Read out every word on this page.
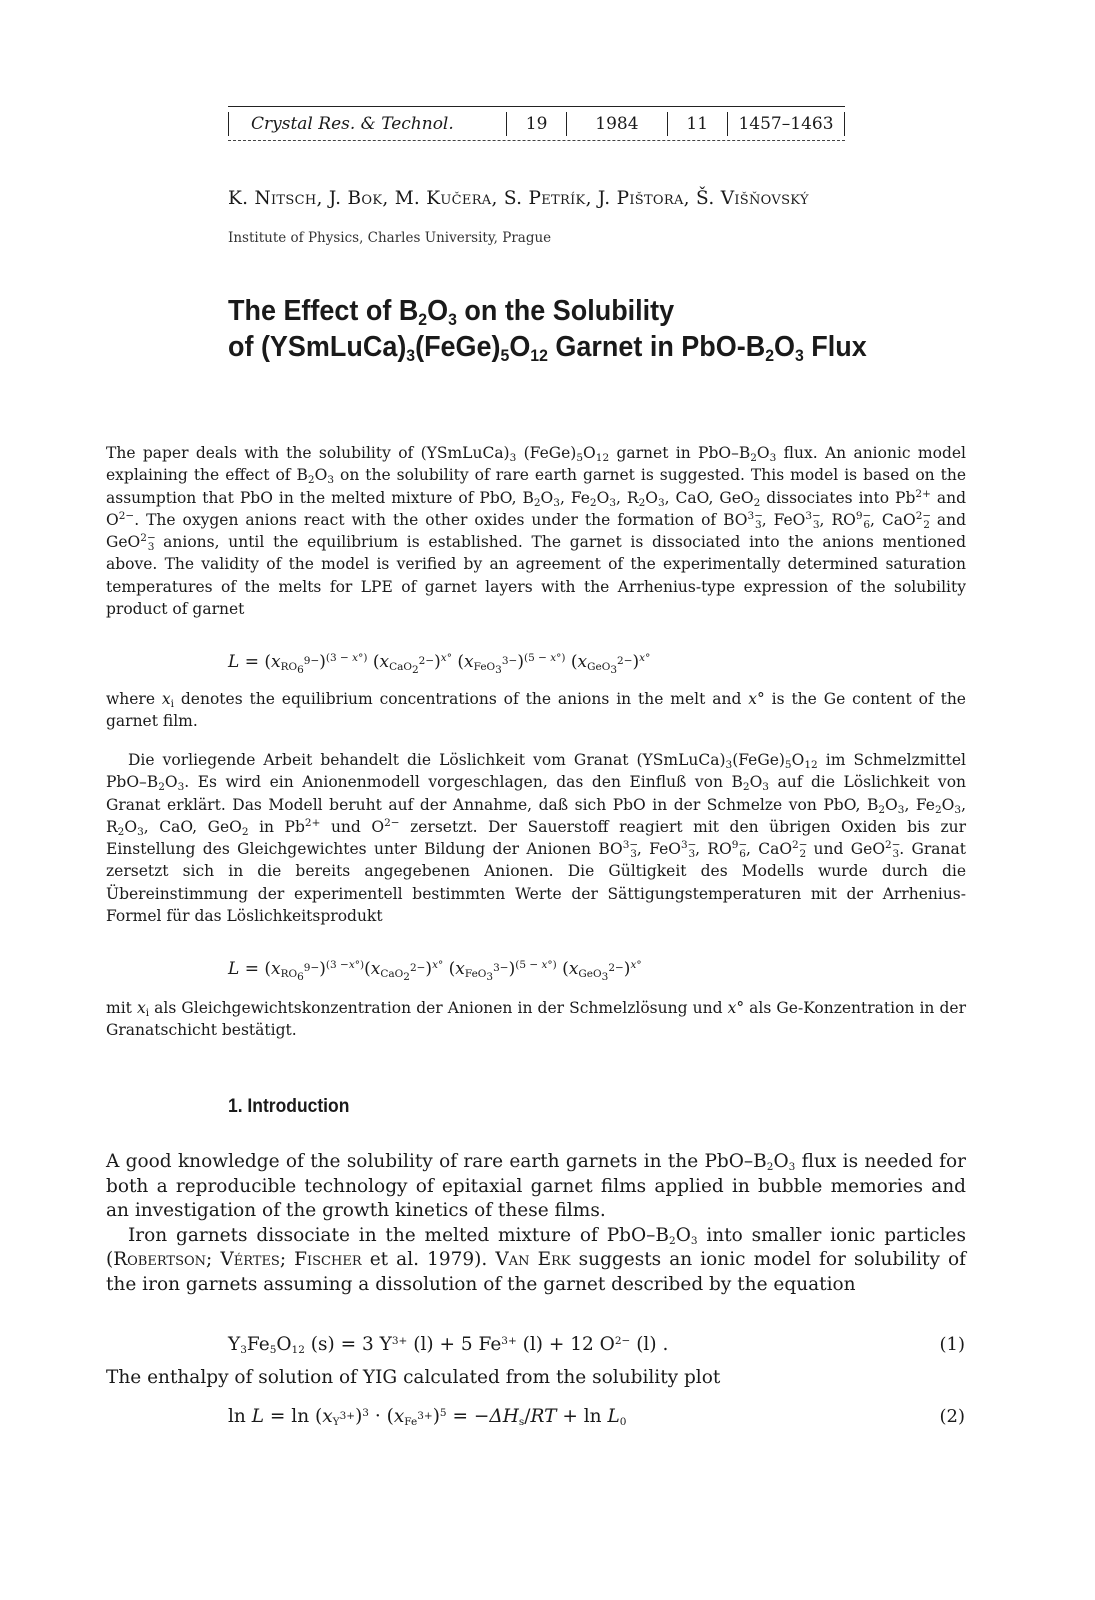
Crystal Res. & Technol.	19	1984	11	1457–1463
K. Nitsch, J. Bok, M. Kučera, S. Petrík, J. Pištora, Š. Višňovský
Institute of Physics, Charles University, Prague
The Effect of $B_2O_3$ on the Solubility
of $(YSmLuCa)_3(FeGe)_5O_{12}$ Garnet in PbO-$B_2O_3$ Flux

The paper deals with the solubility of $(YSmLuCa)_3$ $(FeGe)_5O_{12}$ garnet in PbO–$B_2O_3$ flux. An anionic model explaining the effect of $B_2O_3$ on the solubility of rare earth garnet is suggested. This model is based on the assumption that PbO in the melted mixture of PbO, $B_2O_3$, $Fe_2O_3$, $R_2O_3$, CaO, GeO$_2$ dissociates into $Pb^{2+}$ and $O^{2-}$. The oxygen anions react with the other oxides under the formation of $BO^{3-}_3$, FeO$^{3-}_3$, $RO^{9-}_6$, CaO$^{2-}_2$ and GeO$^{2-}_3$ anions, until the equilibrium is established. The garnet is dissociated into the anions mentioned above. The validity of the model is verified by an agreement of the experimentally determined saturation temperatures of the melts for LPE of garnet layers with the Arrhenius-type expression of the solubility product of garnet

$L = (x_{RO_6^{9-}})^{(3 - x^\circ)}$ $(x_{CaO_2^{2-}})^{x^\circ}$ $(x_{FeO_3^{3-}})^{(5 - x^\circ)}$ $(x_{GeO_3^{2-}})^{x^\circ}$

where $x_i$ denotes the equilibrium concentrations of the anions in the melt and x° is the Ge content of the garnet film.

Die vorliegende Arbeit behandelt die Löslichkeit vom Granat $(YSmLuCa)_3(FeGe)_5O_{12}$ im Schmelzmittel PbO–$B_2O_3$. Es wird ein Anionenmodell vorgeschlagen, das den Einfluß von $B_2O_3$ auf die Löslichkeit von Granat erklärt. Das Modell beruht auf der Annahme, daß sich PbO in der Schmelze von PbO, $B_2O_3$, $Fe_2O_3$, $R_2O_3$, CaO, GeO$_2$ in $Pb^{2+}$ und $O^{2-}$ zersetzt. Der Sauerstoff reagiert mit den übrigen Oxiden bis zur Einstellung des Gleichgewichtes unter Bildung der Anionen $BO^{3-}_3$, FeO$^{3-}_3$, $RO^{9-}_6$, CaO$^{2-}_2$ und GeO$^{2-}_3$. Granat zersetzt sich in die bereits angegebenen Anionen. Die Gültigkeit des Modells wurde durch die Übereinstimmung der experimentell bestimmten Werte der Sättigungstemperaturen mit der Arrhenius-Formel für das Löslichkeitsprodukt

$L = (x_{RO_6^{9-}})^{(3 -x^\circ)}(x_{CaO_2^{2-}})^{x^\circ}$ $(x_{FeO_3^{3-}})^{(5 - x^\circ)}$ $(x_{GeO_3^{2-}})^{x^\circ}$

mit $x_i$ als Gleichgewichtskonzentration der Anionen in der Schmelzlösung und x° als Ge-Konzentration in der Granatschicht bestätigt.

1. Introduction

A good knowledge of the solubility of rare earth garnets in the PbO–$B_2O_3$ flux is needed for both a reproducible technology of epitaxial garnet films applied in bubble memories and an investigation of the growth kinetics of these films.

Iron garnets dissociate in the melted mixture of PbO–$B_2O_3$ into smaller ionic particles (Robertson; Vértes; Fischer et al. 1979). Van Erk suggests an ionic model for solubility of the iron garnets assuming a dissolution of the garnet described by the equation

$Y_3Fe_5O_{12}$ (s) = 3 $Y^{3+}$ (l) + 5 $Fe^{3+}$ (l) + 12 $O^{2-}$ (l) .	(1)

The enthalpy of solution of YIG calculated from the solubility plot

$\ln L = \ln (x_{Y^{3+}})^3 \cdot (x_{Fe^{3+}})^5 = -\Delta H_s/RT + \ln L_0$	(2)
